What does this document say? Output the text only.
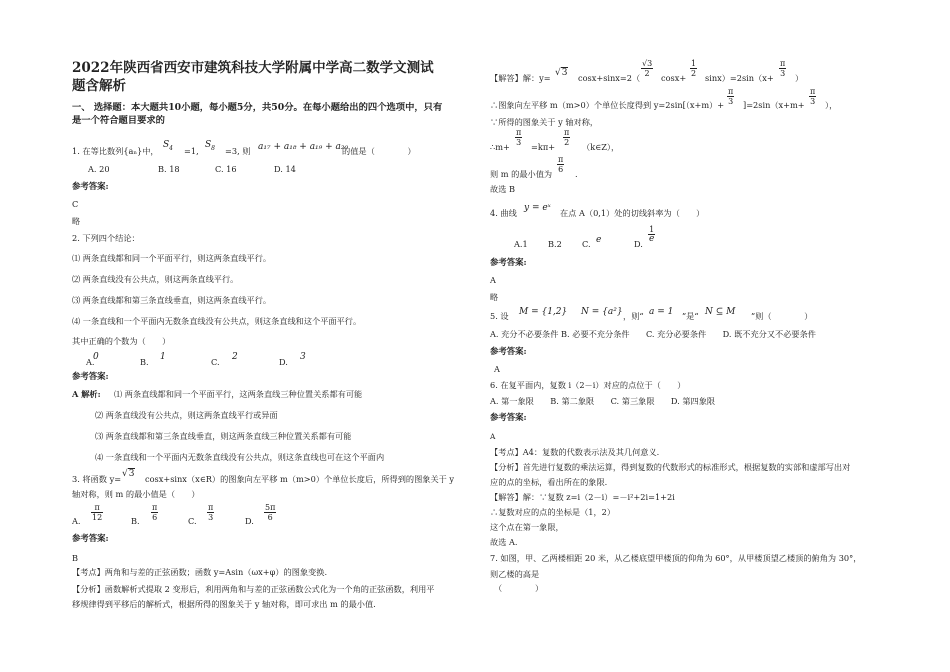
2022年陕西省西安市建筑科技大学附属中学高二数学文测试
题含解析
一、 选择题：本大题共10小题，每小题5分，共50分。在每小题给出的四个选项中，只有
是一个符合题目要求的
1. 在等比数列{aₙ}中，
$S_4 =1$,
$S_8 =3$, 则 a₁₇ + a₁₈ + a₁₉ + a₂₀
的值是（　　　　）
A. 20	B. 18	C. 16	D. 14
参考答案:
C
略
2. 下列四个结论：
⑴ 两条直线都和同一个平面平行，则这两条直线平行。
⑵ 两条直线没有公共点，则这两条直线平行。
⑶ 两条直线都和第三条直线垂直，则这两条直线平行。
⑷ 一条直线和一个平面内无数条直线没有公共点，则这条直线和这个平面平行。
其中正确的个数为（　　）
A.
0	B. 1	C. 2	D. 3
参考答案:
A 解析: ⑴ 两条直线都和同一个平面平行，这两条直线三种位置关系都有可能
⑵ 两条直线没有公共点，则这两条直线平行或异面
⑶ 两条直线都和第三条直线垂直，则这两条直线三种位置关系都有可能
⑷ 一条直线和一个平面内无数条直线没有公共点，则这条直线也可在这个平面内
3. 将函数 y= √3 cosx+sinx（x∈R）的图象向左平移 m（m>0）个单位长度后，所得到的图象关于 y
轴对称，则 m 的最小值是（　　）
A. $\frac{\pi}{12}$	B. $\frac{\pi}{6}$	C. $\frac{\pi}{3}$	D. $\frac{5\pi}{6}$
参考答案:
B
【考点】两角和与差的正弦函数；函数 y=Asin（ωx+φ）的图象变换.
【分析】函数解析式提取 2 变形后，利用两角和与差的正弦函数公式化为一个角的正弦函数，利用平
移规律得到平移后的解析式，根据所得的图象关于 y 轴对称，即可求出 m 的最小值.
【解答】解：y= √3 $\cos x+\sin x=2( \frac{√3}{2} \cos x+ \frac{1}{2} \sin x)=2\sin(x+ \frac{\pi}{3}$ ）
∴图象向左平移 m（m>0）个单位长度得到 $y=2\sin[(x+m)+ \frac{\pi}{3} ]=2\sin(x+m+ \frac{\pi}{3}$ ），
∵所得的图象关于 y 轴对称，
∴m+ $\frac{\pi}{3} =k\pi+ \frac{\pi}{2}$ （k∈Z），
则 m 的最小值为 $\frac{\pi}{6}$ .
故选 B
4. 曲线 y = eˣ 在点 A（0,1）处的切线斜率为（　　）
A.1 B.2 C. e	D. $\frac{1}{e}$
参考答案:
A
略
5. 设 M = {1,2} N = {a²} ，则“ a = 1 ”是“ N ⊆ M ”则（　　　　）
A. 充分不必要条件 B. 必要不充分条件　　C. 充分必要条件　　D. 既不充分又不必要条件
参考答案:
A
6. 在复平面内，复数 i（2－i）对应的点位于（　　）
A. 第一象限　　B. 第二象限　　C. 第三象限　　D. 第四象限
参考答案:
A
【考点】A4：复数的代数表示法及其几何意义.
【分析】首先进行复数的乘法运算，得到复数的代数形式的标准形式，根据复数的实部和虚部写出对
应的点的坐标，看出所在的象限.
【解答】解：∵复数 z=i（2－i）=－i²+2i=1+2i
∴复数对应的点的坐标是（1，2）
这个点在第一象限，
故选 A.
7. 如图，甲、乙两楼相距 20 米，从乙楼底望甲楼顶的仰角为 60°，从甲楼顶望乙楼顶的俯角为 30°，
则乙楼的高是
（　　　　）
